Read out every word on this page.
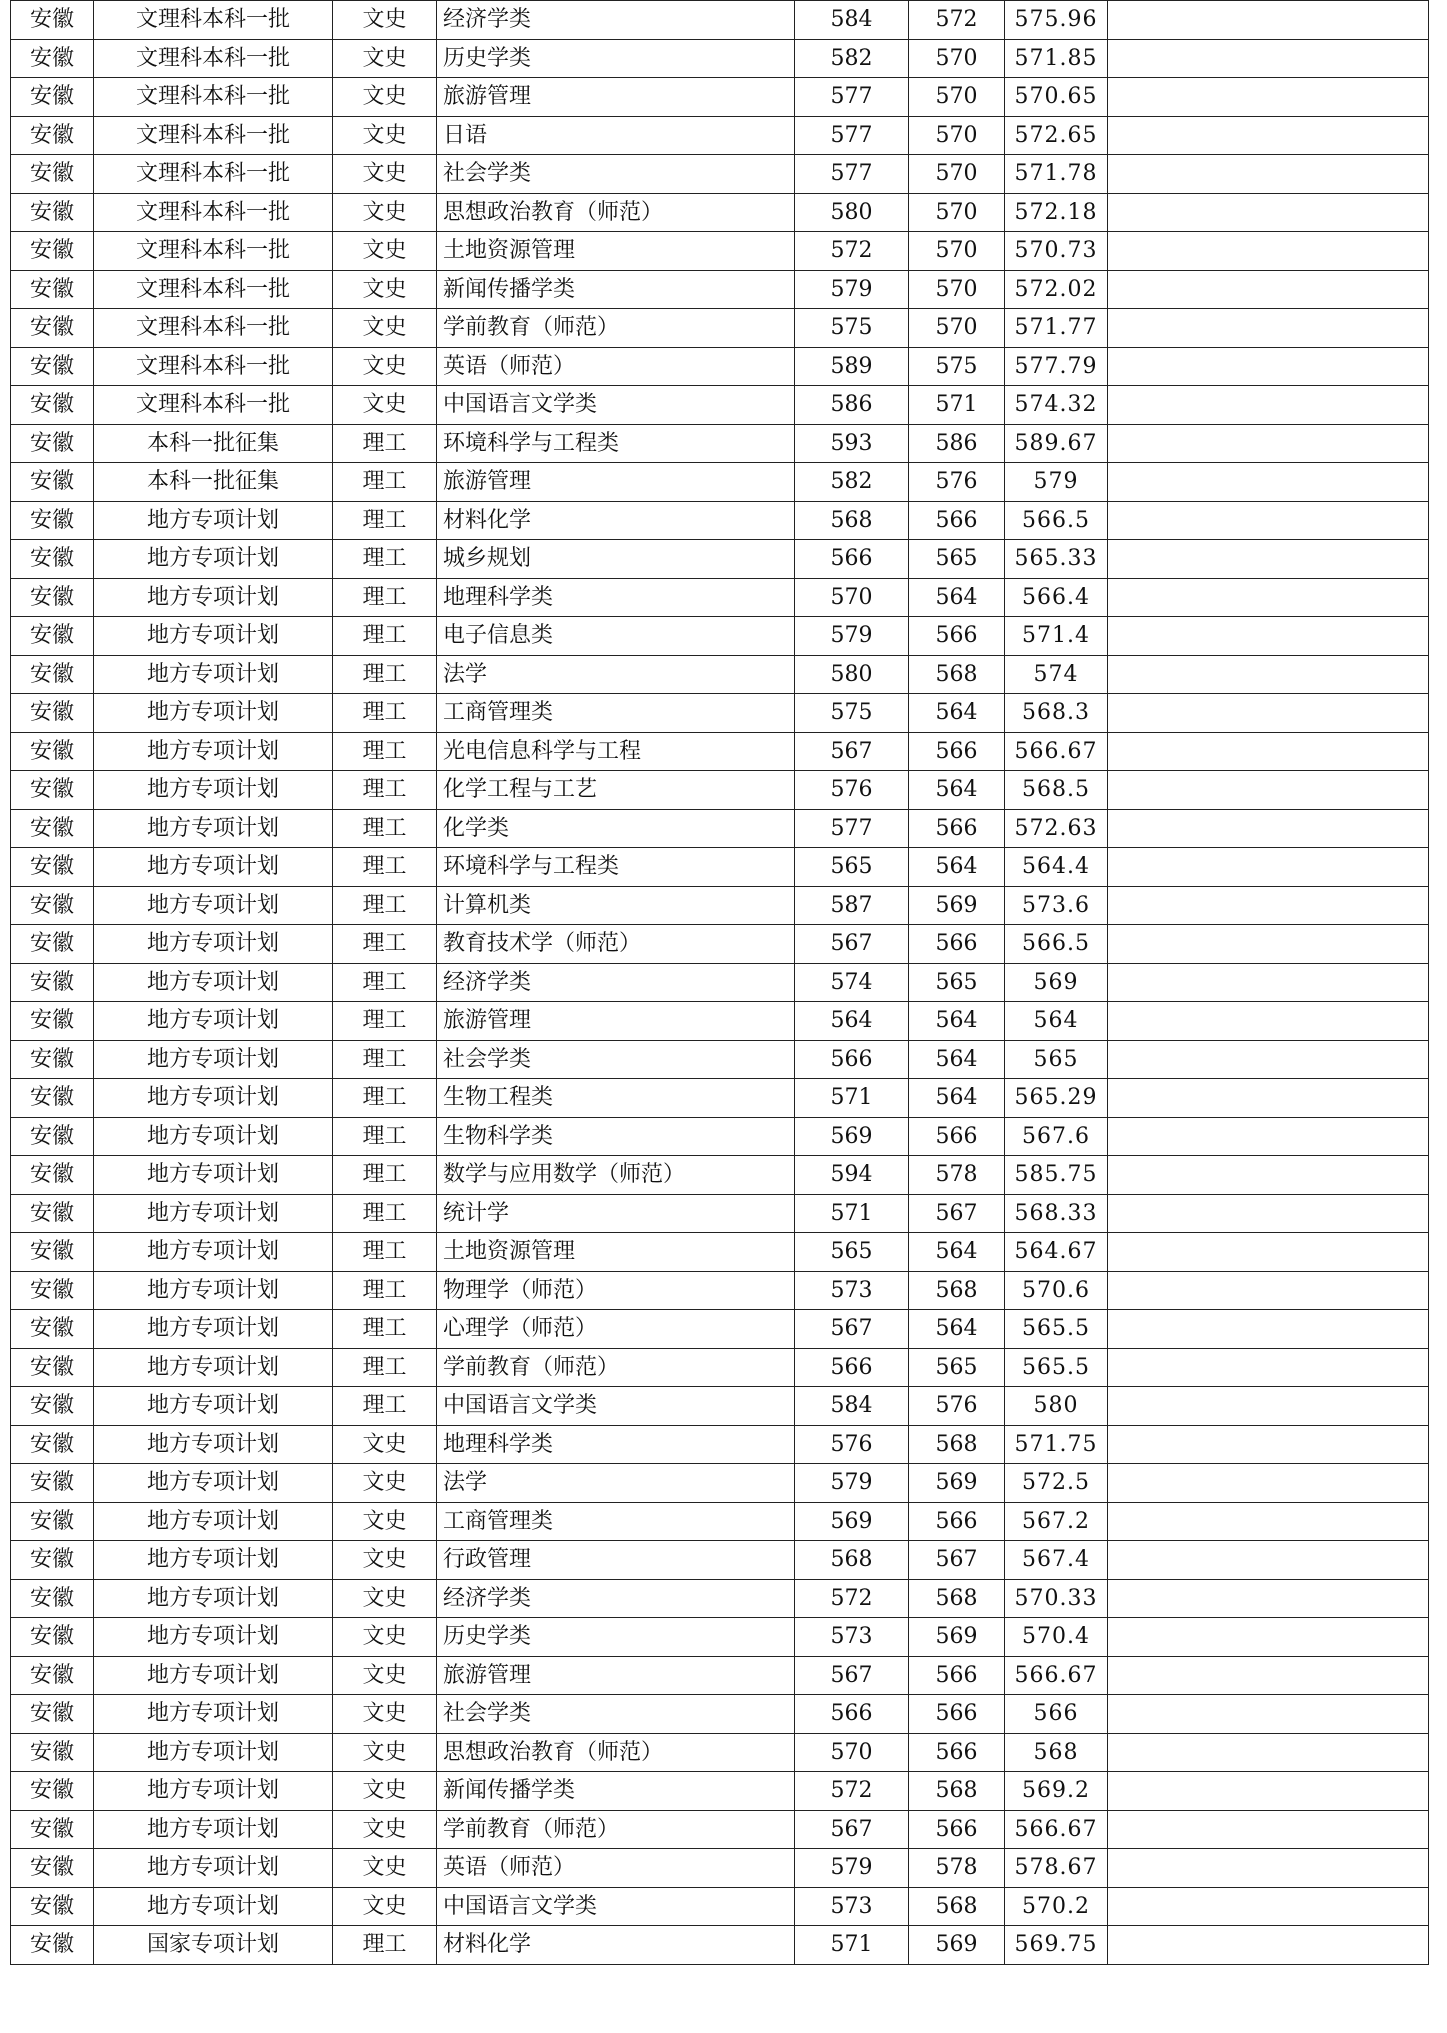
安徽	文理科本科一批	文史	经济学类	584	572	575.96	
安徽	文理科本科一批	文史	历史学类	582	570	571.85	
安徽	文理科本科一批	文史	旅游管理	577	570	570.65	
安徽	文理科本科一批	文史	日语	577	570	572.65	
安徽	文理科本科一批	文史	社会学类	577	570	571.78	
安徽	文理科本科一批	文史	思想政治教育（师范）	580	570	572.18	
安徽	文理科本科一批	文史	土地资源管理	572	570	570.73	
安徽	文理科本科一批	文史	新闻传播学类	579	570	572.02	
安徽	文理科本科一批	文史	学前教育（师范）	575	570	571.77	
安徽	文理科本科一批	文史	英语（师范）	589	575	577.79	
安徽	文理科本科一批	文史	中国语言文学类	586	571	574.32	
安徽	本科一批征集	理工	环境科学与工程类	593	586	589.67	
安徽	本科一批征集	理工	旅游管理	582	576	579	
安徽	地方专项计划	理工	材料化学	568	566	566.5	
安徽	地方专项计划	理工	城乡规划	566	565	565.33	
安徽	地方专项计划	理工	地理科学类	570	564	566.4	
安徽	地方专项计划	理工	电子信息类	579	566	571.4	
安徽	地方专项计划	理工	法学	580	568	574	
安徽	地方专项计划	理工	工商管理类	575	564	568.3	
安徽	地方专项计划	理工	光电信息科学与工程	567	566	566.67	
安徽	地方专项计划	理工	化学工程与工艺	576	564	568.5	
安徽	地方专项计划	理工	化学类	577	566	572.63	
安徽	地方专项计划	理工	环境科学与工程类	565	564	564.4	
安徽	地方专项计划	理工	计算机类	587	569	573.6	
安徽	地方专项计划	理工	教育技术学（师范）	567	566	566.5	
安徽	地方专项计划	理工	经济学类	574	565	569	
安徽	地方专项计划	理工	旅游管理	564	564	564	
安徽	地方专项计划	理工	社会学类	566	564	565	
安徽	地方专项计划	理工	生物工程类	571	564	565.29	
安徽	地方专项计划	理工	生物科学类	569	566	567.6	
安徽	地方专项计划	理工	数学与应用数学（师范）	594	578	585.75	
安徽	地方专项计划	理工	统计学	571	567	568.33	
安徽	地方专项计划	理工	土地资源管理	565	564	564.67	
安徽	地方专项计划	理工	物理学（师范）	573	568	570.6	
安徽	地方专项计划	理工	心理学（师范）	567	564	565.5	
安徽	地方专项计划	理工	学前教育（师范）	566	565	565.5	
安徽	地方专项计划	理工	中国语言文学类	584	576	580	
安徽	地方专项计划	文史	地理科学类	576	568	571.75	
安徽	地方专项计划	文史	法学	579	569	572.5	
安徽	地方专项计划	文史	工商管理类	569	566	567.2	
安徽	地方专项计划	文史	行政管理	568	567	567.4	
安徽	地方专项计划	文史	经济学类	572	568	570.33	
安徽	地方专项计划	文史	历史学类	573	569	570.4	
安徽	地方专项计划	文史	旅游管理	567	566	566.67	
安徽	地方专项计划	文史	社会学类	566	566	566	
安徽	地方专项计划	文史	思想政治教育（师范）	570	566	568	
安徽	地方专项计划	文史	新闻传播学类	572	568	569.2	
安徽	地方专项计划	文史	学前教育（师范）	567	566	566.67	
安徽	地方专项计划	文史	英语（师范）	579	578	578.67	
安徽	地方专项计划	文史	中国语言文学类	573	568	570.2	
安徽	国家专项计划	理工	材料化学	571	569	569.75	
